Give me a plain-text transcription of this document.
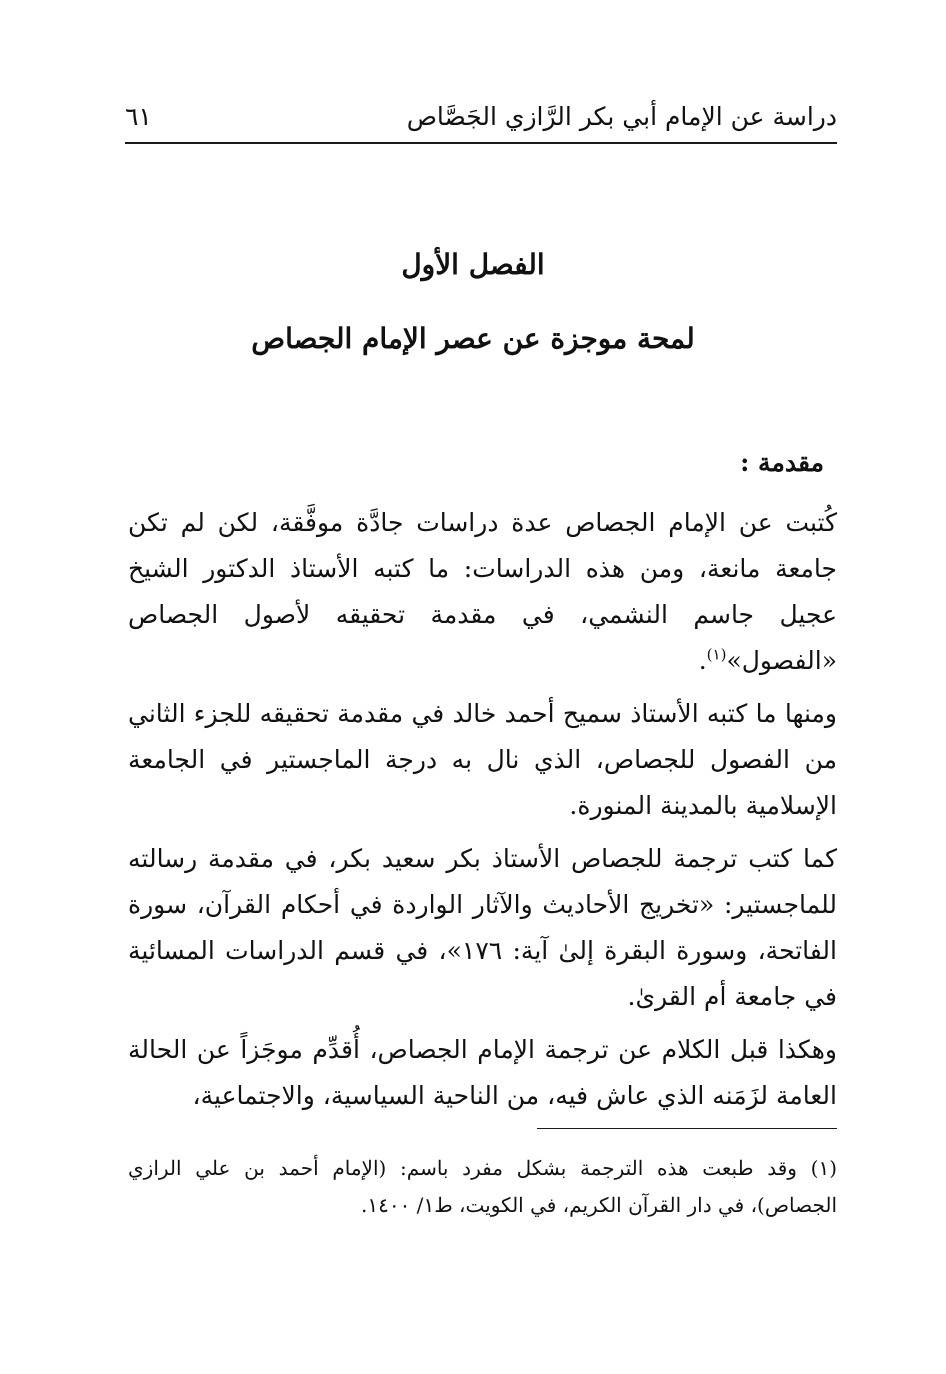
دراسة عن الإمام أبي بكر الرَّازي الجَصَّاص
٦١
الفصل الأول
لمحة موجزة عن عصر الإمام الجصاص
مقدمة :

كُتبت عن الإمام الجصاص عدة دراسات جادَّة موفَّقة، لكن لم تكن جامعة مانعة، ومن هذه الدراسات: ما كتبه الأستاذ الدكتور الشيخ عجيل جاسم النشمي، في مقدمة تحقيقه لأصول الجصاص «الفصول»$^{(١)}$.

ومنها ما كتبه الأستاذ سميح أحمد خالد في مقدمة تحقيقه للجزء الثاني من الفصول للجصاص، الذي نال به درجة الماجستير في الجامعة الإسلامية بالمدينة المنورة.

كما كتب ترجمة للجصاص الأستاذ بكر سعيد بكر، في مقدمة رسالته للماجستير: «تخريج الأحاديث والآثار الواردة في أحكام القرآن، سورة الفاتحة، وسورة البقرة إلىٰ آية: ١٧٦»، في قسم الدراسات المسائية في جامعة أم القرىٰ.

وهكذا قبل الكلام عن ترجمة الإمام الجصاص، أُقدِّم موجَزاً عن الحالة العامة لزَمَنه الذي عاش فيه، من الناحية السياسية، والاجتماعية،

(١) وقد طبعت هذه الترجمة بشكل مفرد باسم: (الإمام أحمد بن علي الرازي الجصاص)، في دار القرآن الكريم، في الكويت، ط١/ ١٤٠٠.
